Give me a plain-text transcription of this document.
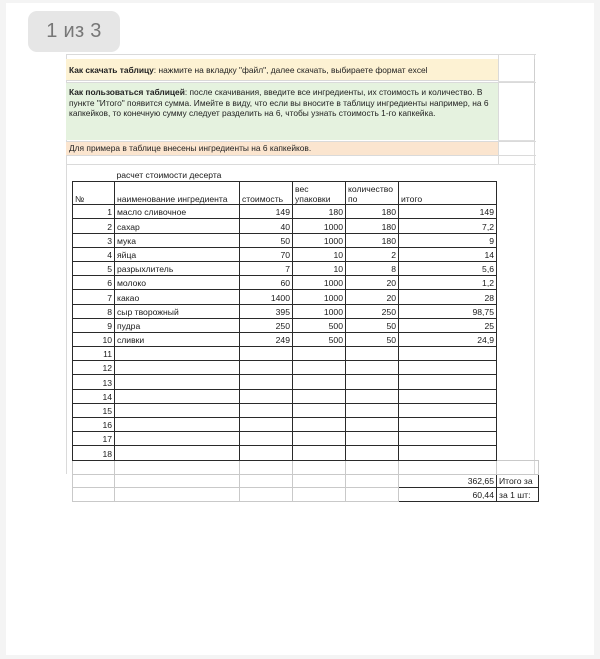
Как скачать таблицу: нажмите на вкладку "файл", далее скачать, выбираете формат excel
Как пользоваться таблицей: после скачивания, введите все ингредиенты, их стоимость и количество. В пункте "Итого" появится сумма. Имейте в виду, что если вы вносите в таблицу ингредиенты например, на 6 капкейков, то конечную сумму следует разделить на 6, чтобы узнать стоимость 1-го капкейка.
Для примера в таблице внесены ингредиенты на 6 капкейков.
	расчет стоимости десерта					
№	наименование ингредиента	стоимость	вес упаковки	количество по	итого	
1	масло сливочное	149	180	180	149	
2	сахар	40	1000	180	7,2	
3	мука	50	1000	180	9	
4	яйца	70	10	2	14	
5	разрыхлитель	7	10	8	5,6	
6	молоко	60	1000	20	1,2	
7	какао	1400	1000	20	28	
8	сыр творожный	395	1000	250	98,75	
9	пудра	250	500	50	25	
10	сливки	249	500	50	24,9	
11						
12						
13						
14						
15						
16						
17						
18						

					362,65	Итого за
					60,44	за 1 шт:
1 из 3
